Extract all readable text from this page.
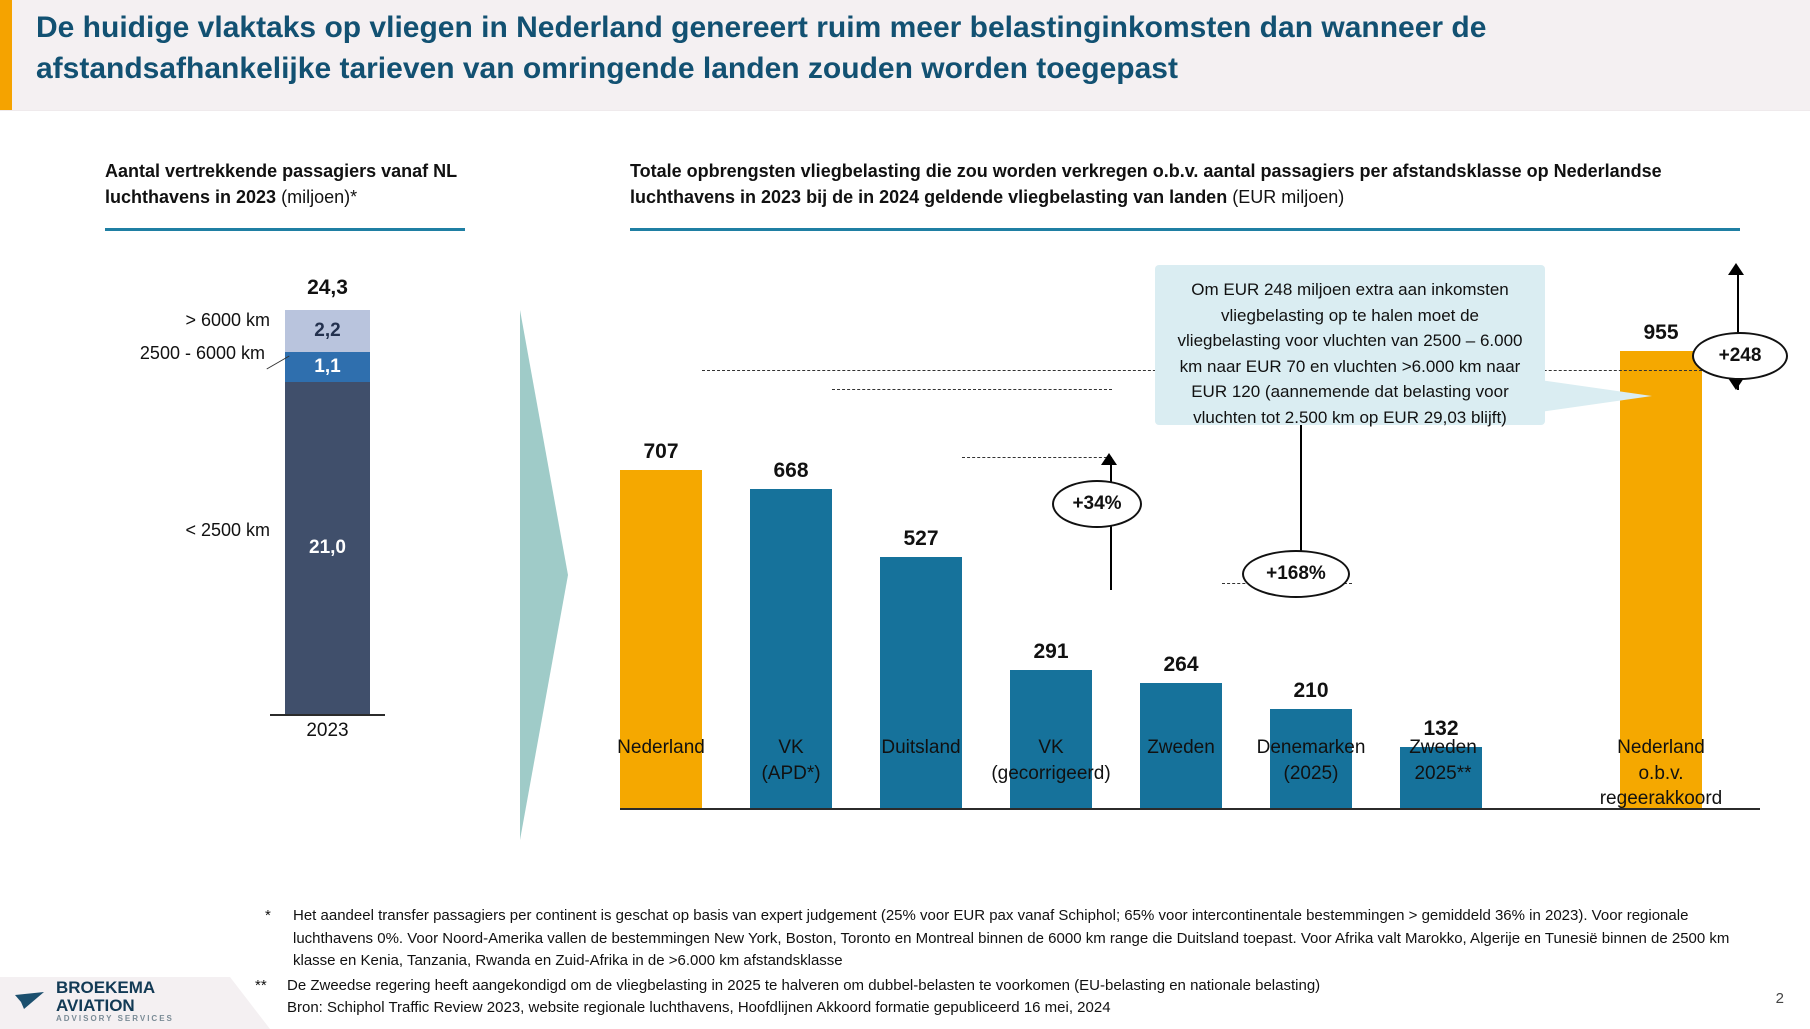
De huidige vlaktaks op vliegen in Nederland genereert ruim meer belastinginkomsten dan wanneer de afstandsafhankelijke tarieven van omringende landen zouden worden toegepast
Aantal vertrekkende passagiers vanaf NL luchthavens in 2023 (miljoen)*
Totale opbrengsten vliegbelasting die zou worden verkregen o.b.v. aantal passagiers per afstandsklasse op Nederlandse luchthavens in 2023 bij de in 2024 geldende vliegbelasting van landen (EUR miljoen)
24,3
2,2
1,1
21,0
2023
> 6000 km
2500 - 6000 km
< 2500 km
707
668
527
291
264
210
132
955
+34%
+168%
+248
Nederland	VK
(APD*)
Duitsland	VK
(gecorrigeerd)
Zweden	Denemarken
(2025)
Zweden
2025**
Nederland
o.b.v.
regeerakkoord
Om EUR 248 miljoen extra aan inkomsten vliegbelasting op te halen moet de vliegbelasting voor vluchten van 2500 – 6.000 km naar EUR 70 en vluchten >6.000 km naar EUR 120 (aannemende dat belasting voor vluchten tot 2.500 km op EUR 29,03 blijft)
*	Het aandeel transfer passagiers per continent is geschat op basis van expert judgement (25% voor EUR pax vanaf Schiphol; 65% voor intercontinentale bestemmingen > gemiddeld 36% in 2023). Voor regionale luchthavens 0%. Voor Noord-Amerika vallen de bestemmingen New York, Boston, Toronto en Montreal binnen de 6000 km range die Duitsland toepast. Voor Afrika valt Marokko, Algerije en Tunesië binnen de 2500 km klasse en Kenia, Tanzania, Rwanda en Zuid-Afrika in de >6.000 km afstandsklasse
**	De Zweedse regering heeft aangekondigd om de vliegbelasting in 2025 te halveren om dubbel-belasten te voorkomen (EU-belasting en nationale belasting)
Bron: Schiphol Traffic Review 2023, website regionale luchthavens, Hoofdlijnen Akkoord formatie gepubliceerd 16 mei, 2024
BROEKEMA
AVIATION
ADVISORY SERVICES
2
